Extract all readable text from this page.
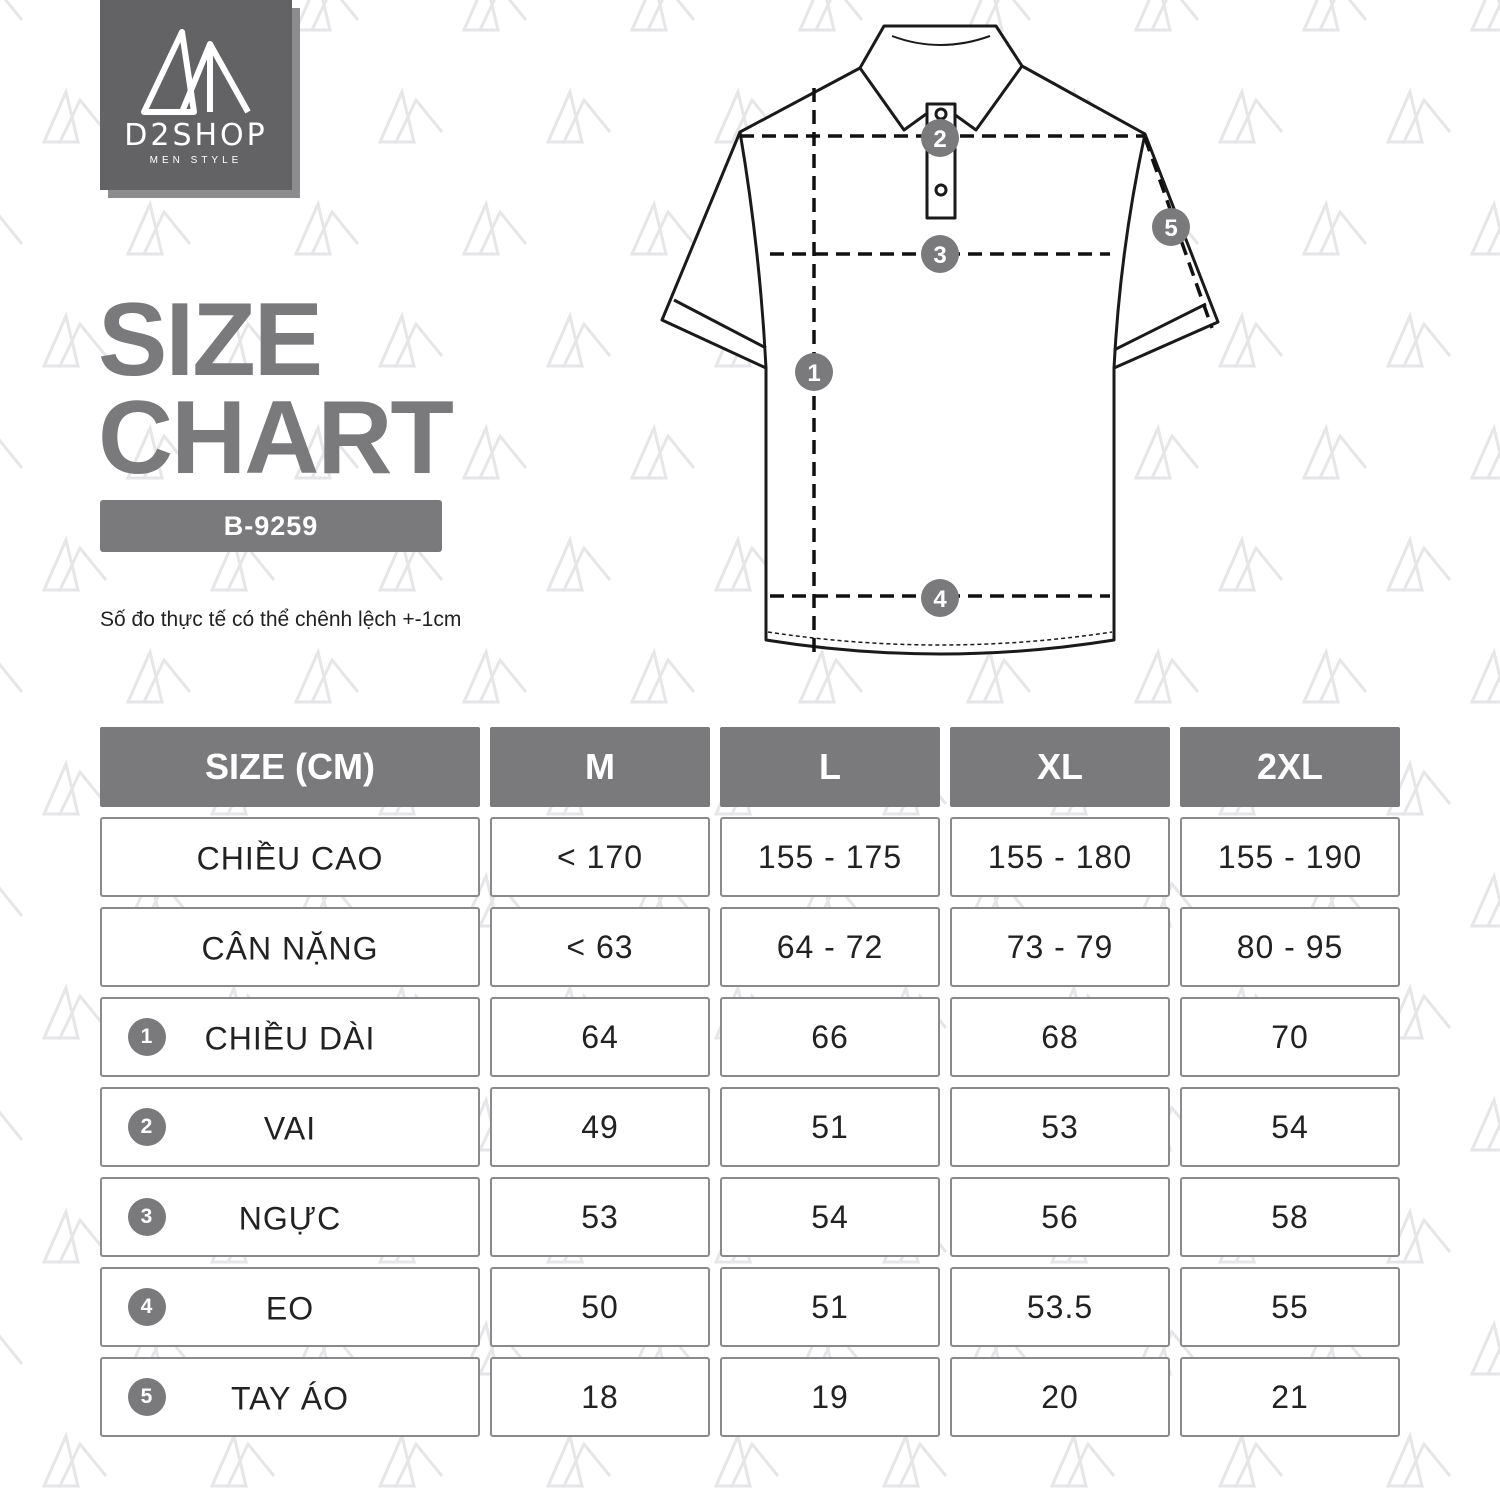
D2SHOP
MEN STYLE
SIZE
CHART
B-9259
Số đo thực tế có thể chênh lệch +-1cm
1
2
3
4
5
SIZE (CM)	M	L	XL	2XL
CHIỀU CAO	< 170	155 - 175	155 - 180	155 - 190
CÂN NẶNG	< 63	64 - 72	73 - 79	80 - 95
1	CHIỀU DÀI	64	66	68	70
2	VAI	49	51	53	54
3	NGỰC	53	54	56	58
4	EO	50	51	53.5	55
5	TAY ÁO	18	19	20	21
